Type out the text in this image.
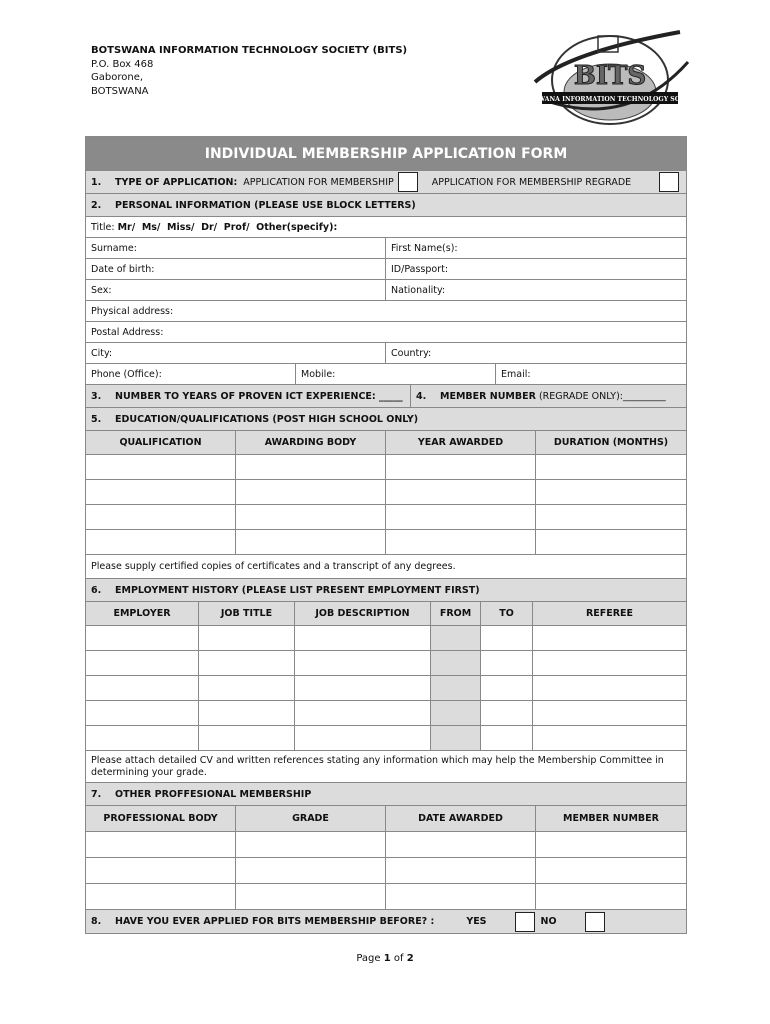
BOTSWANA INFORMATION TECHNOLOGY SOCIETY (BITS)
P.O. Box 468
Gaborone,
BOTSWANA	BITS
BOTSWANA INFORMATION TECHNOLOGY SOCIETY
INDIVIDUAL MEMBERSHIP APPLICATION FORM
1.	TYPE OF APPLICATION: APPLICATION FOR MEMBERSHIP	APPLICATION FOR MEMBERSHIP REGRADE
2.	PERSONAL INFORMATION (PLEASE USE BLOCK LETTERS)
Title:
Mr/  Ms/  Miss/  Dr/  Prof/  Other(specify):
Surname:	First Name(s):
Date of birth:	ID/Passport:
Sex:	Nationality:
Physical address:
Postal Address:
City:	Country:
Phone (Office):	Mobile:	Email:
3.	NUMBER TO YEARS OF PROVEN ICT EXPERIENCE: _____ 4.	MEMBER NUMBER
(REGRADE ONLY):_________
5.	EDUCATION/QUALIFICATIONS (POST HIGH SCHOOL ONLY)
QUALIFICATION	AWARDING BODY	YEAR AWARDED	DURATION (MONTHS)
Please supply certified copies of certificates and a transcript of any degrees.
6.	EMPLOYMENT HISTORY (PLEASE LIST PRESENT EMPLOYMENT FIRST)
EMPLOYER	JOB TITLE	JOB DESCRIPTION	FROM	TO	REFEREE
Please attach detailed CV and written references stating any information which may help the Membership Committee in determining your grade.
7.	OTHER PROFFESIONAL MEMBERSHIP
PROFESSIONAL BODY	GRADE	DATE AWARDED	MEMBER NUMBER
8.	HAVE YOU EVER APPLIED FOR BITS MEMBERSHIP BEFORE? :	YES	NO
Page 1 of 2
